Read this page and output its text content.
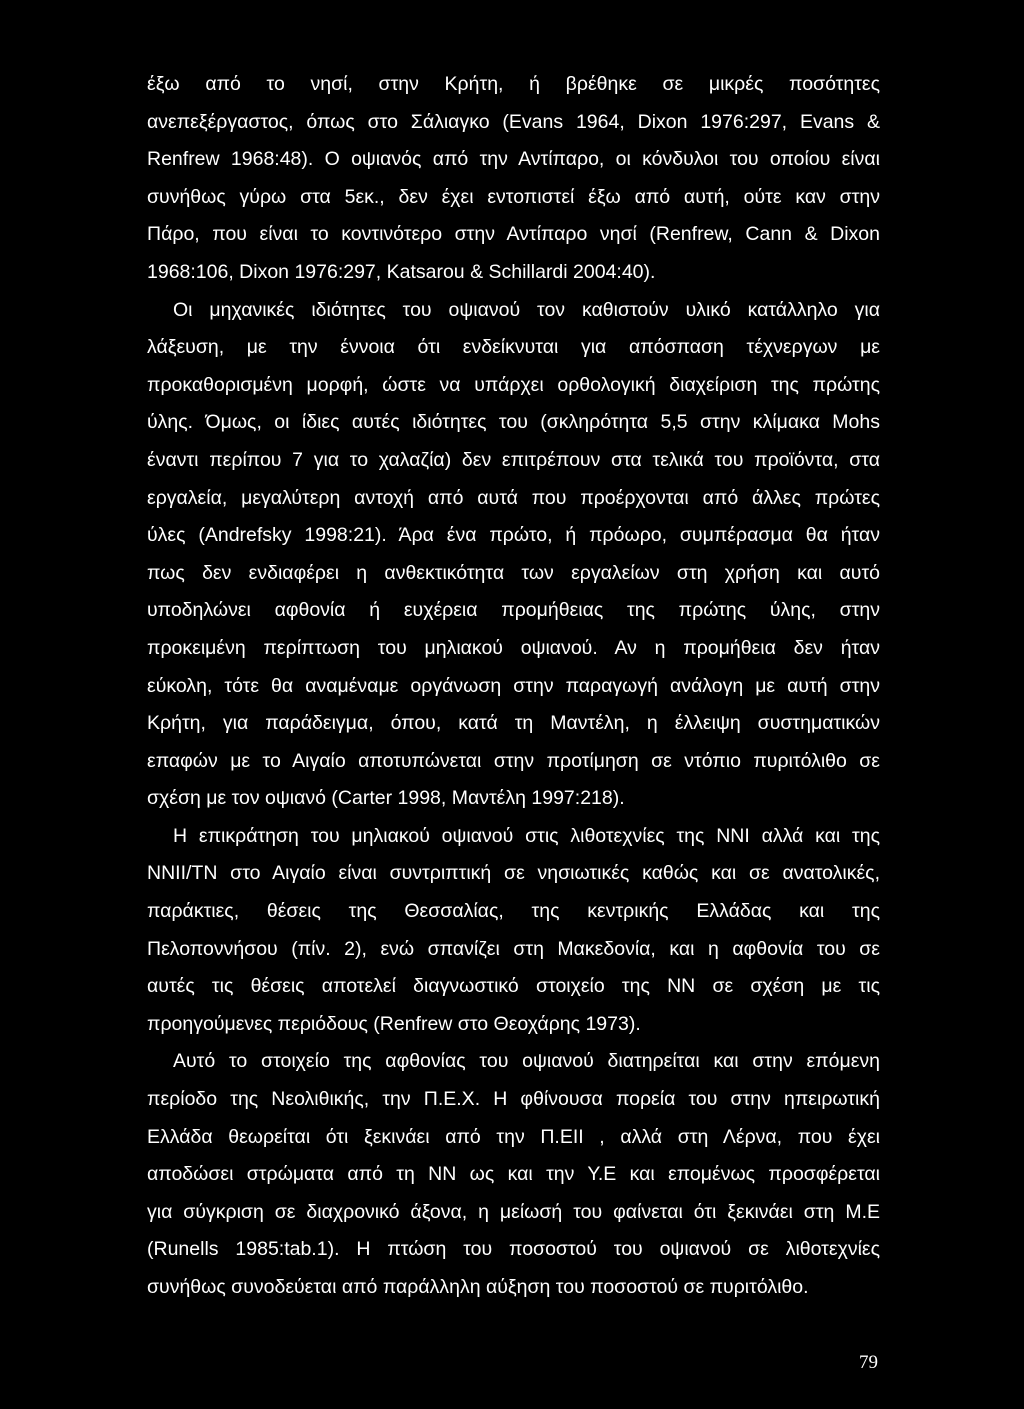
έξω από το νησί, στην Κρήτη, ή βρέθηκε σε μικρές ποσότητες
ανεπεξέργαστος, όπως στο Σάλιαγκο (Evans 1964, Dixon 1976:297, Evans &
Renfrew 1968:48). Ο οψιανός από την Αντίπαρο, οι κόνδυλοι του οποίου είναι
συνήθως γύρω στα 5εκ., δεν έχει εντοπιστεί έξω από αυτή, ούτε καν στην
Πάρο, που είναι το κοντινότερο στην Αντίπαρο νησί (Renfrew, Cann & Dixon
1968:106, Dixon 1976:297, Katsarou & Schillardi 2004:40).
Οι μηχανικές ιδιότητες του οψιανού τον καθιστούν υλικό κατάλληλο για
λάξευση, με την έννοια ότι ενδείκνυται για απόσπαση τέχνεργων με
προκαθορισμένη μορφή, ώστε να υπάρχει ορθολογική διαχείριση της πρώτης
ύλης. Όμως, οι ίδιες αυτές ιδιότητες του (σκληρότητα 5,5 στην κλίμακα Mohs
έναντι περίπου 7 για το χαλαζία) δεν επιτρέπουν στα τελικά του προϊόντα, στα
εργαλεία, μεγαλύτερη αντοχή από αυτά που προέρχονται από άλλες πρώτες
ύλες (Andrefsky 1998:21). Άρα ένα πρώτο, ή πρόωρο, συμπέρασμα θα ήταν
πως δεν ενδιαφέρει η ανθεκτικότητα των εργαλείων στη χρήση και αυτό
υποδηλώνει αφθονία ή ευχέρεια προμήθειας της πρώτης ύλης, στην
προκειμένη περίπτωση του μηλιακού οψιανού. Αν η προμήθεια δεν ήταν
εύκολη, τότε θα αναμέναμε οργάνωση στην παραγωγή ανάλογη με αυτή στην
Κρήτη, για παράδειγμα, όπου, κατά τη Μαντέλη, η έλλειψη συστηματικών
επαφών με το Αιγαίο αποτυπώνεται στην προτίμηση σε ντόπιο πυριτόλιθο σε
σχέση με τον οψιανό (Carter 1998, Μαντέλη 1997:218).
Η επικράτηση του μηλιακού οψιανού στις λιθοτεχνίες της ΝΝΙ αλλά και της
ΝΝΙΙ/ΤΝ στο Αιγαίο είναι συντριπτική σε νησιωτικές καθώς και σε ανατολικές,
παράκτιες, θέσεις της Θεσσαλίας, της κεντρικής Ελλάδας και της
Πελοποννήσου (πίν. 2), ενώ σπανίζει στη Μακεδονία, και η αφθονία του σε
αυτές τις θέσεις αποτελεί διαγνωστικό στοιχείο της ΝΝ σε σχέση με τις
προηγούμενες περιόδους (Renfrew στο Θεοχάρης 1973).
Αυτό το στοιχείο της αφθονίας του οψιανού διατηρείται και στην επόμενη
περίοδο της Νεολιθικής, την Π.Ε.Χ. Η φθίνουσα πορεία του στην ηπειρωτική
Ελλάδα θεωρείται ότι ξεκινάει από την Π.ΕΙΙ , αλλά στη Λέρνα, που έχει
αποδώσει στρώματα από τη ΝΝ ως και την Υ.Ε και επομένως προσφέρεται
για σύγκριση σε διαχρονικό άξονα, η μείωσή του φαίνεται ότι ξεκινάει στη Μ.Ε
(Runells 1985:tab.1). Η πτώση του ποσοστού του οψιανού σε λιθοτεχνίες
συνήθως συνοδεύεται από παράλληλη αύξηση του ποσοστού σε πυριτόλιθο.
79
